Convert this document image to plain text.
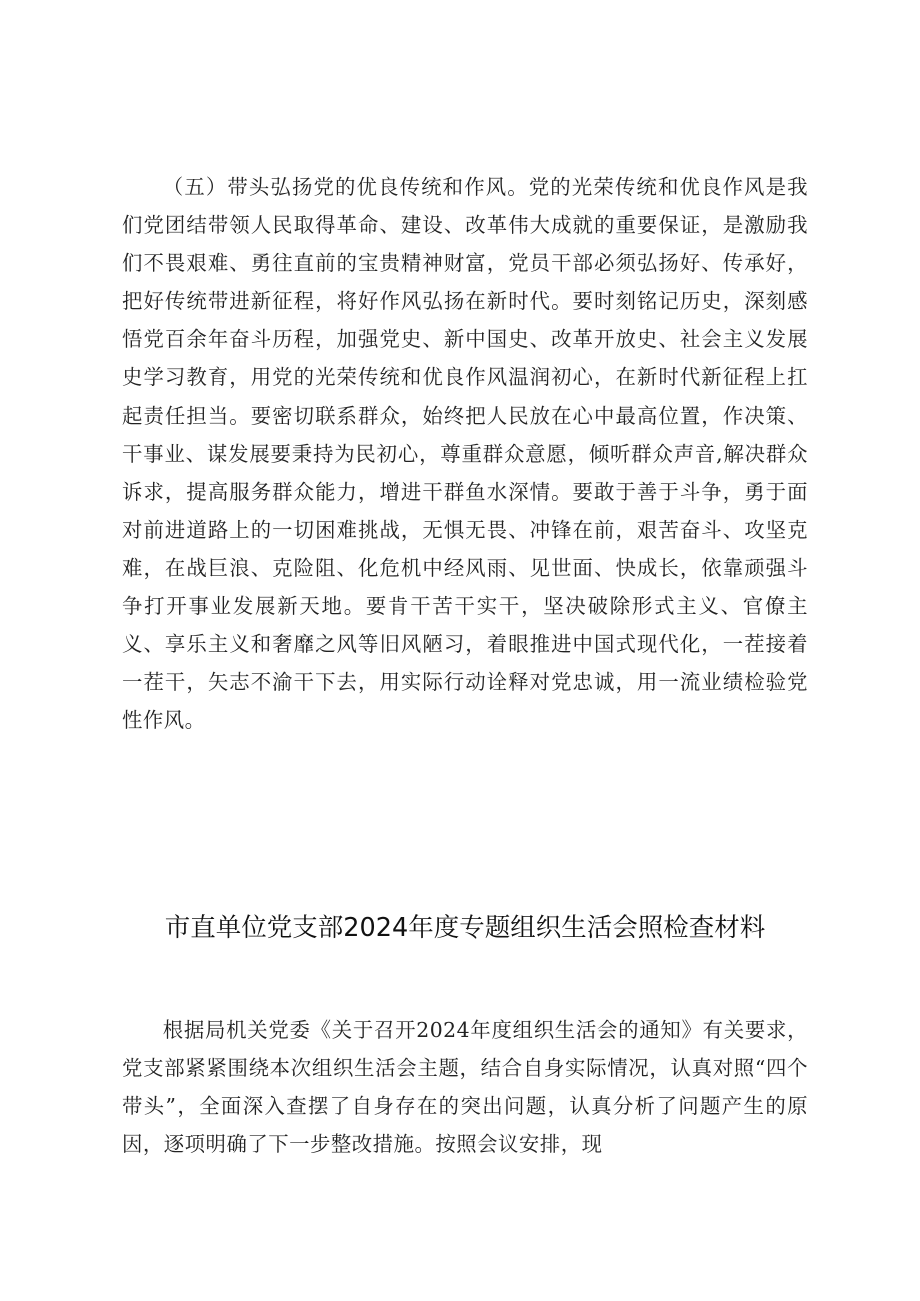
（五）带头弘扬党的优良传统和作风。党的光荣传统和优良作风是我们党团结带领人民取得革命、建设、改革伟大成就的重要保证，是激励我们不畏艰难、勇往直前的宝贵精神财富，党员干部必须弘扬好、传承好，把好传统带进新征程，将好作风弘扬在新时代。要时刻铭记历史，深刻感悟党百余年奋斗历程，加强党史、新中国史、改革开放史、社会主义发展史学习教育，用党的光荣传统和优良作风温润初心，在新时代新征程上扛起责任担当。要密切联系群众，始终把人民放在心中最高位置，作决策、干事业、谋发展要秉持为民初心，尊重群众意愿，倾听群众声音,解决群众诉求，提高服务群众能力，增进干群鱼水深情。要敢于善于斗争，勇于面对前进道路上的一切困难挑战，无惧无畏、冲锋在前，艰苦奋斗、攻坚克难，在战巨浪、克险阻、化危机中经风雨、见世面、快成长，依靠顽强斗争打开事业发展新天地。要肯干苦干实干，坚决破除形式主义、官僚主义、享乐主义和奢靡之风等旧风陋习，着眼推进中国式现代化，一茬接着一茬干，矢志不渝干下去，用实际行动诠释对党忠诚，用一流业绩检验党性作风。

市直单位党支部2024年度专题组织生活会照检查材料

根据局机关党委《关于召开2024年度组织生活会的通知》有关要求，党支部紧紧围绕本次组织生活会主题，结合自身实际情况，认真对照“四个带头”，全面深入查摆了自身存在的突出问题，认真分析了问题产生的原因，逐项明确了下一步整改措施。按照会议安排，现
